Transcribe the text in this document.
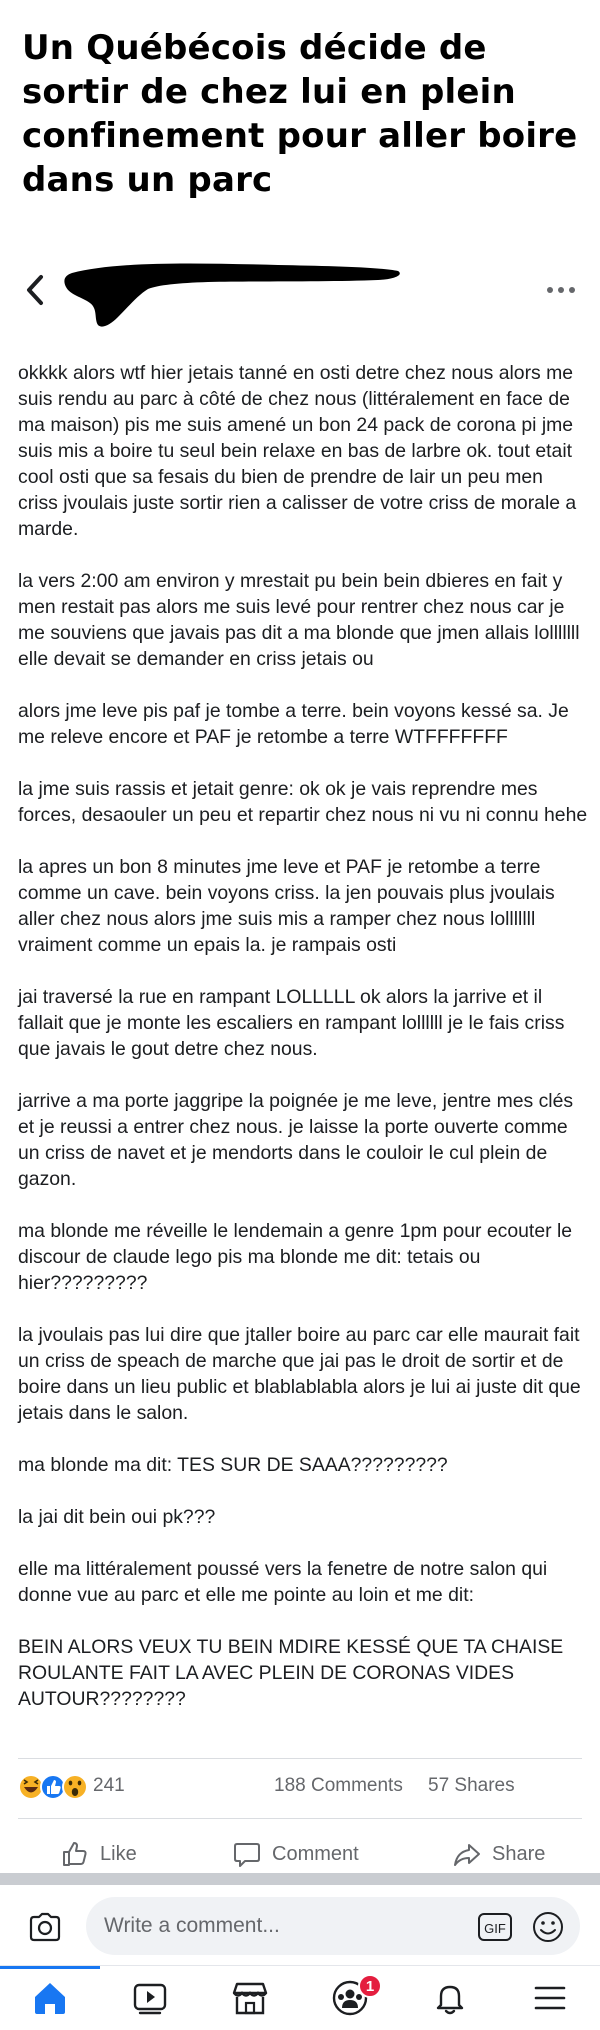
Un Québécois décide de sortir de chez lui en plein confinement pour aller boire dans un parc

okkkk alors wtf hier jetais tanné en osti detre chez nous alors me suis rendu au parc à côté de chez nous (littéralement en face de ma maison) pis me suis amené un bon 24 pack de corona pi jme suis mis a boire tu seul bein relaxe en bas de larbre ok. tout etait cool osti que sa fesais du bien de prendre de lair un peu men criss jvoulais juste sortir rien a calisser de votre criss de morale a marde.

la vers 2:00 am environ y mrestait pu bein bein dbieres en fait y men restait pas alors me suis levé pour rentrer chez nous car je me souviens que javais pas dit a ma blonde que jmen allais lolllllll elle devait se demander en criss jetais ou

alors jme leve pis paf je tombe a terre. bein voyons kessé sa. Je me releve encore et PAF je retombe a terre WTFFFFFFF

la jme suis rassis et jetait genre: ok ok je vais reprendre mes forces, desaouler un peu et repartir chez nous ni vu ni connu hehe

la apres un bon 8 minutes jme leve et PAF je retombe a terre comme un cave. bein voyons criss. la jen pouvais plus jvoulais aller chez nous alors jme suis mis a ramper chez nous lolllllll vraiment comme un epais la. je rampais osti

jai traversé la rue en rampant LOLLLLL ok alors la jarrive et il fallait que je monte les escaliers en rampant lollllll je le fais criss que javais le gout detre chez nous.

jarrive a ma porte jaggripe la poignée je me leve, jentre mes clés et je reussi a entrer chez nous. je laisse la porte ouverte comme un criss de navet et je mendorts dans le couloir le cul plein de gazon.

ma blonde me réveille le lendemain a genre 1pm pour ecouter le discour de claude lego pis ma blonde me dit: tetais ou hier?????????

la jvoulais pas lui dire que jtaller boire au parc car elle maurait fait un criss de speach de marche que jai pas le droit de sortir et de boire dans un lieu public et blablablabla alors je lui ai juste dit que jetais dans le salon.

ma blonde ma dit: TES SUR DE SAAA?????????

la jai dit bein oui pk???

elle ma littéralement poussé vers la fenetre de notre salon qui donne vue au parc et elle me pointe au loin et me dit:

BEIN ALORS VEUX TU BEIN MDIRE KESSÉ QUE TA CHAISE ROULANTE FAIT LA AVEC PLEIN DE CORONAS VIDES AUTOUR????????

241	188 Comments 57 Shares
Like	Comment	Share
Write a comment...
GIF
1
